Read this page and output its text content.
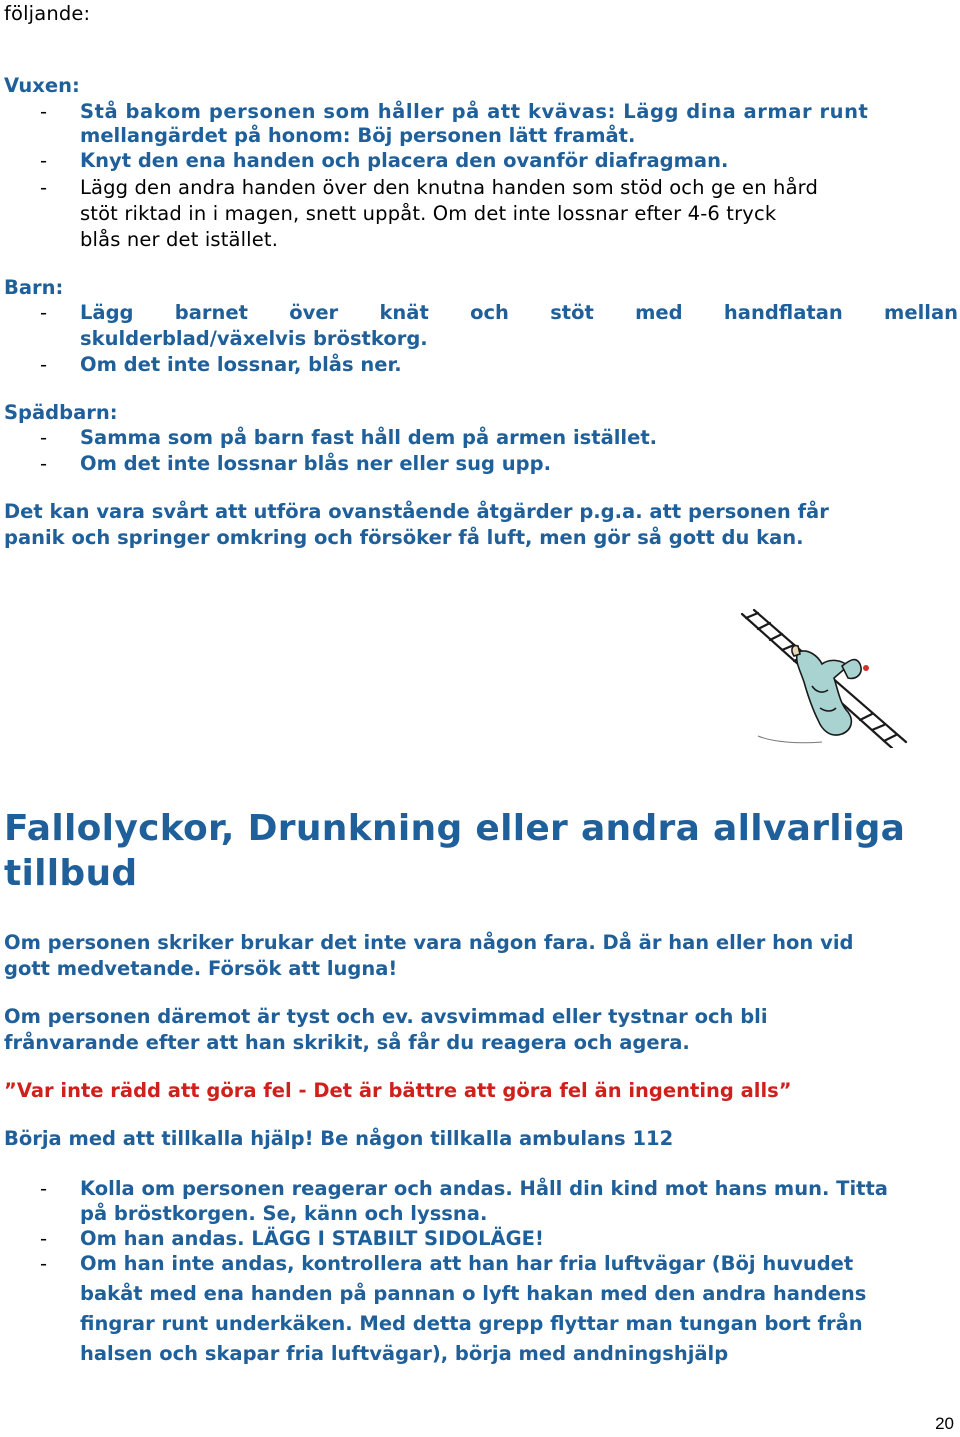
följande:

Vuxen:

- Stå bakom personen som håller på att kvävas: Lägg dina armar runt

mellangärdet på honom: Böj personen lätt framåt.

- Knyt den ena handen och placera den ovanför diafragman.

- Lägg den andra handen över den knutna handen som stöd och ge en hård

stöt riktad in i magen, snett uppåt. Om det inte lossnar efter 4-6 tryck

blås ner det istället.

Barn:

- Lägg barnet över knät och stöt med handflatan mellan

skulderblad/växelvis bröstkorg.

- Om det inte lossnar, blås ner.

Spädbarn:

- Samma som på barn fast håll dem på armen istället.

- Om det inte lossnar blås ner eller sug upp.

Det kan vara svårt att utföra ovanstående åtgärder p.g.a. att personen får

panik och springer omkring och försöker få luft, men gör så gott du kan.

Fallolyckor, Drunkning eller andra allvarliga
tillbud

Om personen skriker brukar det inte vara någon fara. Då är han eller hon vid

gott medvetande. Försök att lugna!

Om personen däremot är tyst och ev. avsvimmad eller tystnar och bli

frånvarande efter att han skrikit, så får du reagera och agera.

”Var inte rädd att göra fel - Det är bättre att göra fel än ingenting alls”

Börja med att tillkalla hjälp! Be någon tillkalla ambulans 112

- Kolla om personen reagerar och andas. Håll din kind mot hans mun. Titta

på bröstkorgen. Se, känn och lyssna.

- Om han andas. LÄGG I STABILT SIDOLÄGE!

- Om han inte andas, kontrollera att han har fria luftvägar (Böj huvudet

bakåt med ena handen på pannan o lyft hakan med den andra handens

fingrar runt underkäken. Med detta grepp flyttar man tungan bort från

halsen och skapar fria luftvägar), börja med andningshjälp

20
